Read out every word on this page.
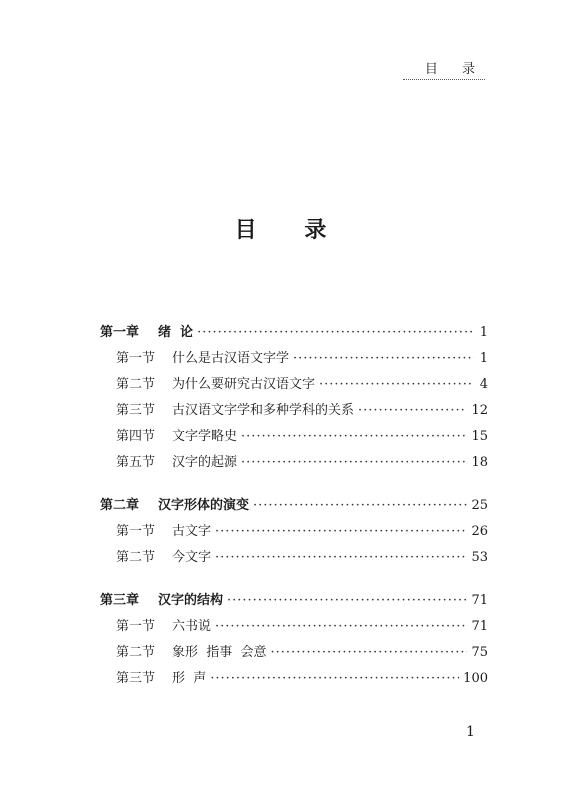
目 录
目 录
第一章	绪  论 ·····	1
第一节	什么是古汉语文字学 ·····	1
第二节	为什么要研究古汉语文字 ·····	4
第三节	古汉语文字学和多种学科的关系 ·····	12
第四节	文字学略史 ·····	15
第五节	汉字的起源 ·····	18
第二章	汉字形体的演变 ·····	25
第一节	古文字 ·····	26
第二节	今文字 ·····	53
第三章	汉字的结构 ·····	71
第一节	六书说 ·····	71
第二节	象形  指事  会意 ·····	75
第三节	形  声 ·····	100
1
